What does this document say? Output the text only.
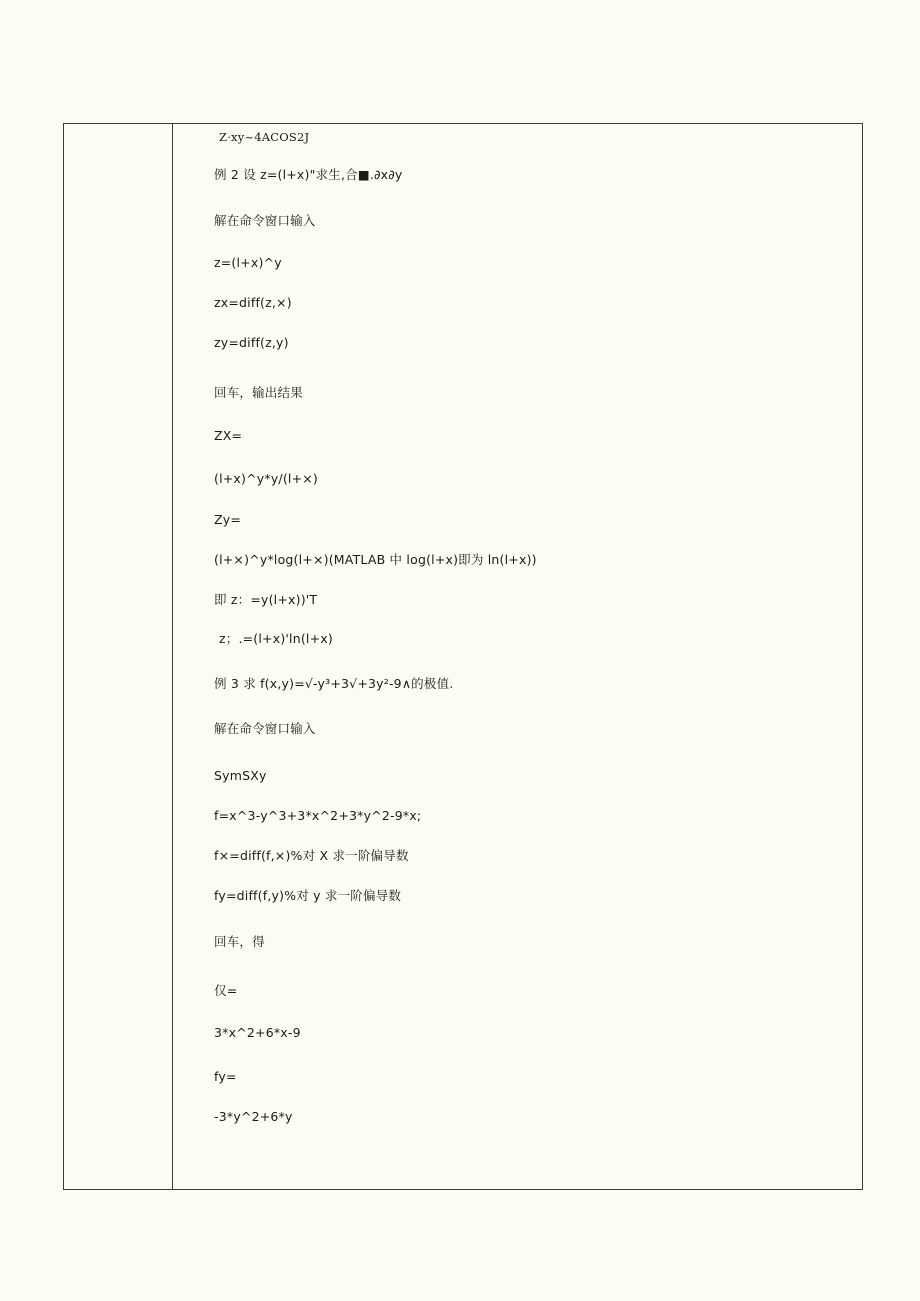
Z·xy~4ACOS2J
例 2 设 z=(l+x)"求生,合■.∂x∂y
解在命令窗口输入
z=(l+x)^y
zx=diff(z,×)
zy=diff(z,y)
回车，输出结果
ZX=
(l+x)^y*y/(l+×)
Zy=
(l+×)^y*log(l+×)(MATLAB 中 log(l+x)即为 ln(l+x))
即 z：=y(l+x))'T
z；.=(l+x)'ln(l+x)
例 3 求 f(x,y)=√-y³+3√+3y²-9∧的极值.
解在命令窗口输入
SymSXy
f=x^3-y^3+3*x^2+3*y^2-9*x;
f×=diff(f,×)%对 X 求一阶偏导数
fy=diff(f,y)%对 y 求一阶偏导数
回车，得
仅=
3*x^2+6*x-9
fy=
-3*y^2+6*y
